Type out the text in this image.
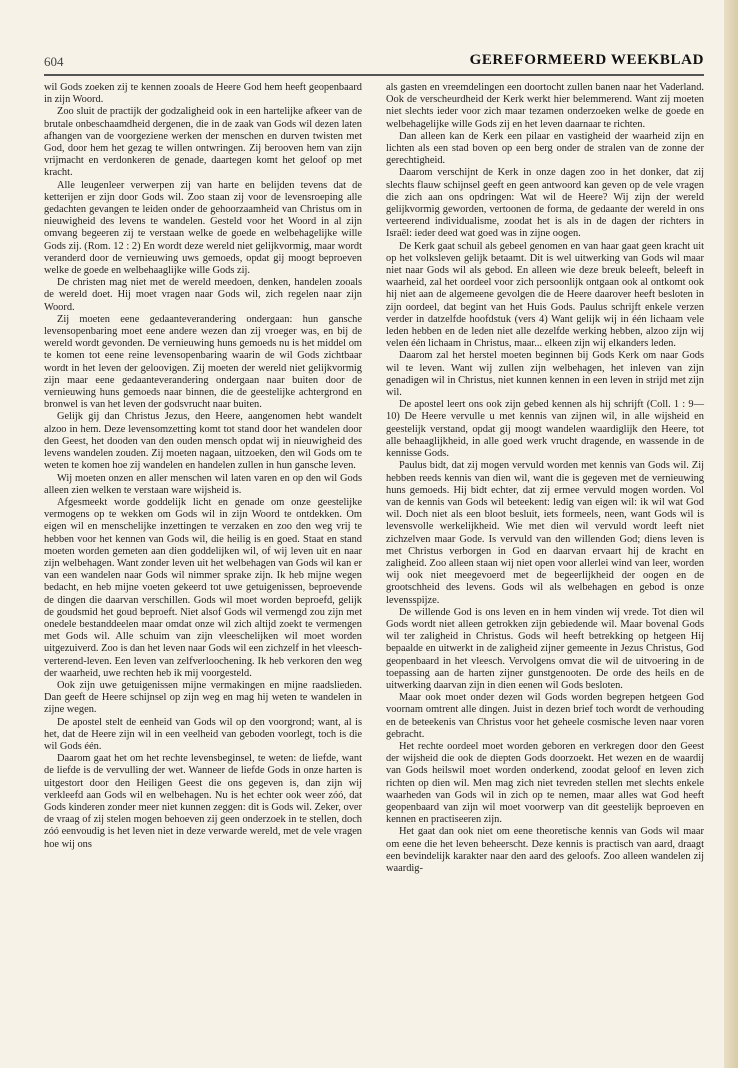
604	GEREFORMEERD WEEKBLAD

wil Gods zoeken zij te kennen zooals de Heere God hem heeft geopenbaard in zijn Woord.

Zoo sluit de practijk der godzaligheid ook in een hartelijke afkeer van de brutale onbeschaamdheid dergenen, die in de zaak van Gods wil dezen laten afhangen van de voorgeziene werken der menschen en durven twisten met God, door hem het gezag te willen ontwringen. Zij berooven hem van zijn vrijmacht en verdonkeren de genade, daartegen komt het geloof op met kracht.

Alle leugenleer verwerpen zij van harte en belijden tevens dat de ketterijen er zijn door Gods wil. Zoo staan zij voor de levensroeping alle gedachten gevangen te leiden onder de gehoorzaamheid van Christus om in nieuwigheid des levens te wandelen. Gesteld voor het Woord in al zijn omvang begeeren zij te verstaan welke de goede en welbehagelijke wille Gods zij. (Rom. 12 : 2) En wordt deze wereld niet gelijkvormig, maar wordt veranderd door de vernieuwing uws gemoeds, opdat gij moogt beproeven welke de goede en welbehaaglijke wille Gods zij.

De christen mag niet met de wereld meedoen, denken, handelen zooals de wereld doet. Hij moet vragen naar Gods wil, zich regelen naar zijn Woord.

Zij moeten eene gedaanteverandering ondergaan: hun gansche levensopenbaring moet eene andere wezen dan zij vroeger was, en bij de wereld wordt gevonden. De vernieuwing huns gemoeds nu is het middel om te komen tot eene reine levensopenbaring waarin de wil Gods zichtbaar wordt in het leven der geloovigen. Zij moeten der wereld niet gelijkvormig zijn maar eene gedaanteverandering ondergaan naar buiten door de vernieuwing huns gemoeds naar binnen, die de geestelijke achtergrond en bronwel is van het leven der godsvrucht naar buiten.

Gelijk gij dan Christus Jezus, den Heere, aangenomen hebt wandelt alzoo in hem. Deze levensomzetting komt tot stand door het wandelen door den Geest, het dooden van den ouden mensch opdat wij in nieuwigheid des levens wandelen zouden. Zij moeten nagaan, uitzoeken, den wil Gods om te weten te komen hoe zij wandelen en handelen zullen in hun gansche leven.

Wij moeten onzen en aller menschen wil laten varen en op den wil Gods alleen zien welken te verstaan ware wijsheid is.

Afgesmeekt worde goddelijk licht en genade om onze geestelijke vermogens op te wekken om Gods wil in zijn Woord te ontdekken. Om eigen wil en menschelijke inzettingen te verzaken en zoo den weg vrij te hebben voor het kennen van Gods wil, die heilig is en goed. Staat en stand moeten worden gemeten aan dien goddelijken wil, of wij leven uit en naar zijn welbehagen. Want zonder leven uit het welbehagen van Gods wil kan er van een wandelen naar Gods wil nimmer sprake zijn. Ik heb mijne wegen bedacht, en heb mijne voeten gekeerd tot uwe getuigenissen, beproevende de dingen die daarvan verschillen. Gods wil moet worden beproefd, gelijk de goudsmid het goud beproeft. Niet alsof Gods wil vermengd zou zijn met onedele bestanddeelen maar omdat onze wil zich altijd zoekt te vermengen met Gods wil. Alle schuim van zijn vleeschelijken wil moet worden uitgezuiverd. Zoo is dan het leven naar Gods wil een zichzelf in het vleesch-verterend-leven. Een leven van zelfverloochening. Ik heb verkoren den weg der waarheid, uwe rechten heb ik mij voorgesteld.

Ook zijn uwe getuigenissen mijne vermakingen en mijne raadslieden. Dan geeft de Heere schijnsel op zijn weg en mag hij weten te wandelen in zijne wegen.

De apostel stelt de eenheid van Gods wil op den voorgrond; want, al is het, dat de Heere zijn wil in een veelheid van geboden voorlegt, toch is die wil Gods één.

Daarom gaat het om het rechte levensbeginsel, te weten: de liefde, want de liefde is de vervulling der wet. Wanneer de liefde Gods in onze harten is uitgestort door den Heiligen Geest die ons gegeven is, dan zijn wij verkleefd aan Gods wil en welbehagen. Nu is het echter ook weer zóó, dat Gods kinderen zonder meer niet kunnen zeggen: dit is Gods wil. Zeker, over de vraag of zij stelen mogen behoeven zij geen onderzoek in te stellen, doch zóó eenvoudig is het leven niet in deze verwarde wereld, met de vele vragen hoe wij ons

als gasten en vreemdelingen een doortocht zullen banen naar het Vaderland. Ook de verscheurdheid der Kerk werkt hier belemmerend. Want zij moeten niet slechts ieder voor zich maar tezamen onderzoeken welke de goede en welbehagelijke wille Gods zij en het leven daarnaar te richten.

Dan alleen kan de Kerk een pilaar en vastigheid der waarheid zijn en lichten als een stad boven op een berg onder de stralen van de zonne der gerechtigheid.

Daarom verschijnt de Kerk in onze dagen zoo in het donker, dat zij slechts flauw schijnsel geeft en geen antwoord kan geven op de vele vragen die zich aan ons opdringen: Wat wil de Heere? Wij zijn der wereld gelijkvormig geworden, vertoonen de forma, de gedaante der wereld in ons verteerend individualisme, zoodat het is als in de dagen der richters in Israël: ieder deed wat goed was in zijne oogen.

De Kerk gaat schuil als gebeel genomen en van haar gaat geen kracht uit op het volksleven gelijk betaamt. Dit is wel uitwerking van Gods wil maar niet naar Gods wil als gebod. En alleen wie deze breuk beleeft, beleeft in waarheid, zal het oordeel voor zich persoonlijk ontgaan ook al ontkomt ook hij niet aan de algemeene gevolgen die de Heere daarover heeft besloten in zijn oordeel, dat begint van het Huis Gods. Paulus schrijft enkele verzen verder in datzelfde hoofdstuk (vers 4) Want gelijk wij in één lichaam vele leden hebben en de leden niet alle dezelfde werking hebben, alzoo zijn wij velen één lichaam in Christus, maar... elkeen zijn wij elkanders leden.

Daarom zal het herstel moeten beginnen bij Gods Kerk om naar Gods wil te leven. Want wij zullen zijn welbehagen, het inleven van zijn genadigen wil in Christus, niet kunnen kennen in een leven in strijd met zijn wil.

De apostel leert ons ook zijn gebed kennen als hij schrijft (Coll. 1 : 9—10) De Heere vervulle u met kennis van zijnen wil, in alle wijsheid en geestelijk verstand, opdat gij moogt wandelen waardiglijk den Heere, tot alle behaaglijkheid, in alle goed werk vrucht dragende, en wassende in de kennisse Gods.

Paulus bidt, dat zij mogen vervuld worden met kennis van Gods wil. Zij hebben reeds kennis van dien wil, want die is gegeven met de vernieuwing huns gemoeds. Hij bidt echter, dat zij ermee vervuld mogen worden. Vol van de kennis van Gods wil beteekent: ledig van eigen wil: ik wil wat God wil. Doch niet als een bloot besluit, iets formeels, neen, want Gods wil is levensvolle werkelijkheid. Wie met dien wil vervuld wordt leeft niet zichzelven maar Gode. Is vervuld van den willenden God; diens leven is met Christus verborgen in God en daarvan ervaart hij de kracht en zaligheid. Zoo alleen staan wij niet open voor allerlei wind van leer, worden wij ook niet meegevoerd met de begeerlijkheid der oogen en de grootschheid des levens. Gods wil als welbehagen en gebod is onze levensspijze.

De willende God is ons leven en in hem vinden wij vrede. Tot dien wil Gods wordt niet alleen getrokken zijn gebiedende wil. Maar bovenal Gods wil ter zaligheid in Christus. Gods wil heeft betrekking op hetgeen Hij bepaalde en uitwerkt in de zaligheid zijner gemeente in Jezus Christus, God geopenbaard in het vleesch. Vervolgens omvat die wil de uitvoering in de toepassing aan de harten zijner gunstgenooten. De orde des heils en de uitwerking daarvan zijn in dien eenen wil Gods besloten.

Maar ook moet onder dezen wil Gods worden begrepen hetgeen God voornam omtrent alle dingen. Juist in dezen brief toch wordt de verhouding en de beteekenis van Christus voor het geheele cosmische leven naar voren gebracht.

Het rechte oordeel moet worden geboren en verkregen door den Geest der wijsheid die ook de diepten Gods doorzoekt. Het wezen en de waardij van Gods heilswil moet worden onderkend, zoodat geloof en leven zich richten op dien wil. Men mag zich niet tevreden stellen met slechts enkele waarheden van Gods wil in zich op te nemen, maar alles wat God heeft geopenbaard van zijn wil moet voorwerp van dit geestelijk beproeven en kennen en practiseeren zijn.

Het gaat dan ook niet om eene theoretische kennis van Gods wil maar om eene die het leven beheerscht. Deze kennis is practisch van aard, draagt een bevindelijk karakter naar den aard des geloofs. Zoo alleen wandelen zij waardig-
